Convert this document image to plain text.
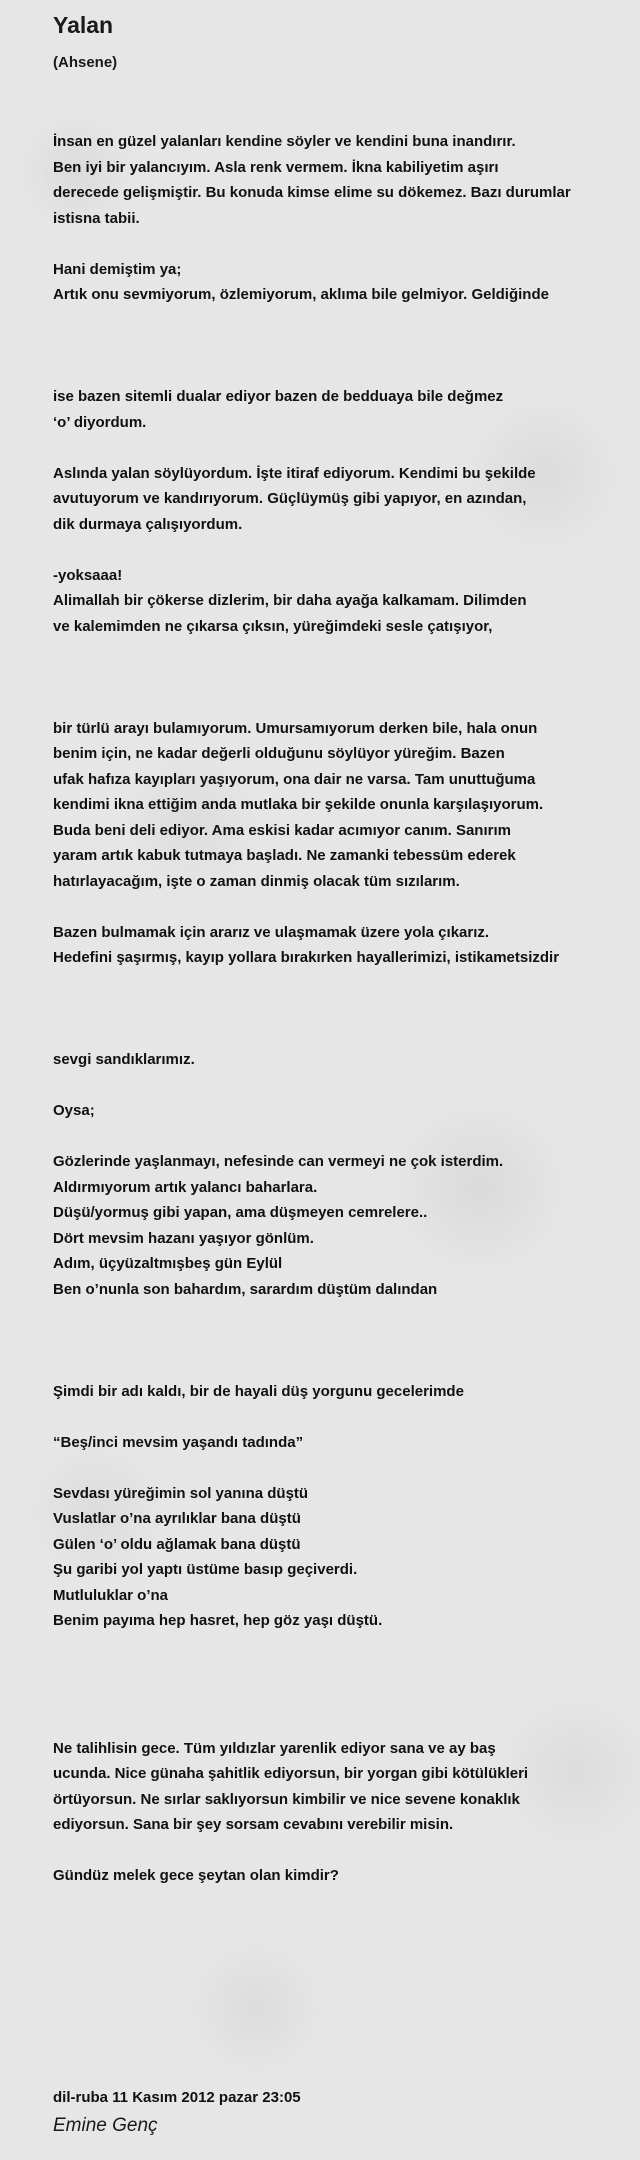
Yalan
(Ahsene)
İnsan en güzel yalanları kendine söyler ve kendini buna inandırır.
Ben iyi bir yalancıyım. Asla renk vermem. İkna kabiliyetim aşırı
derecede gelişmiştir. Bu konuda kimse elime su dökemez. Bazı durumlar
istisna tabii.
Hani demiştim ya;
Artık onu sevmiyorum, özlemiyorum, aklıma bile gelmiyor. Geldiğinde
ise bazen sitemli dualar ediyor bazen de bedduaya bile değmez
‘o’ diyordum.
Aslında yalan söylüyordum. İşte itiraf ediyorum. Kendimi bu şekilde
avutuyorum ve kandırıyorum. Güçlüymüş gibi yapıyor, en azından,
dik durmaya çalışıyordum.
-yoksaaa!
Alimallah bir çökerse dizlerim, bir daha ayağa kalkamam. Dilimden
ve kalemimden ne çıkarsa çıksın, yüreğimdeki sesle çatışıyor,
bir türlü arayı bulamıyorum. Umursamıyorum derken bile, hala onun
benim için, ne kadar değerli olduğunu söylüyor yüreğim. Bazen
ufak hafıza kayıpları yaşıyorum, ona dair ne varsa. Tam unuttuğuma
kendimi ikna ettiğim anda mutlaka bir şekilde onunla karşılaşıyorum.
Buda beni deli ediyor. Ama eskisi kadar acımıyor canım. Sanırım
yaram artık kabuk tutmaya başladı. Ne zamanki tebessüm ederek
hatırlayacağım, işte o zaman dinmiş olacak tüm sızılarım.
Bazen bulmamak için ararız ve ulaşmamak üzere yola çıkarız.
Hedefini şaşırmış, kayıp yollara bırakırken hayallerimizi, istikametsizdir
sevgi sandıklarımız.
Oysa;
Gözlerinde yaşlanmayı, nefesinde can vermeyi ne çok isterdim.
Aldırmıyorum artık yalancı baharlara.
Düşü/yormuş gibi yapan, ama düşmeyen cemrelere..
Dört mevsim hazanı yaşıyor gönlüm.
Adım, üçyüzaltmışbeş gün Eylül
Ben o’nunla son bahardım, sarardım düştüm dalından
Şimdi bir adı kaldı, bir de hayali düş yorgunu gecelerimde
“Beş/inci mevsim yaşandı tadında”
Sevdası yüreğimin sol yanına düştü
Vuslatlar o’na ayrılıklar bana düştü
Gülen ‘o’ oldu ağlamak bana düştü
Şu garibi yol yaptı üstüme basıp geçiverdi.
Mutluluklar o’na
Benim payıma hep hasret, hep göz yaşı düştü.
Ne talihlisin gece. Tüm yıldızlar yarenlik ediyor sana ve ay baş
ucunda. Nice günaha şahitlik ediyorsun, bir yorgan gibi kötülükleri
örtüyorsun. Ne sırlar saklıyorsun kimbilir ve nice sevene konaklık
ediyorsun. Sana bir şey sorsam cevabını verebilir misin.
Gündüz melek gece şeytan olan kimdir?
dil-ruba 11 Kasım 2012 pazar 23:05
Emine Genç
